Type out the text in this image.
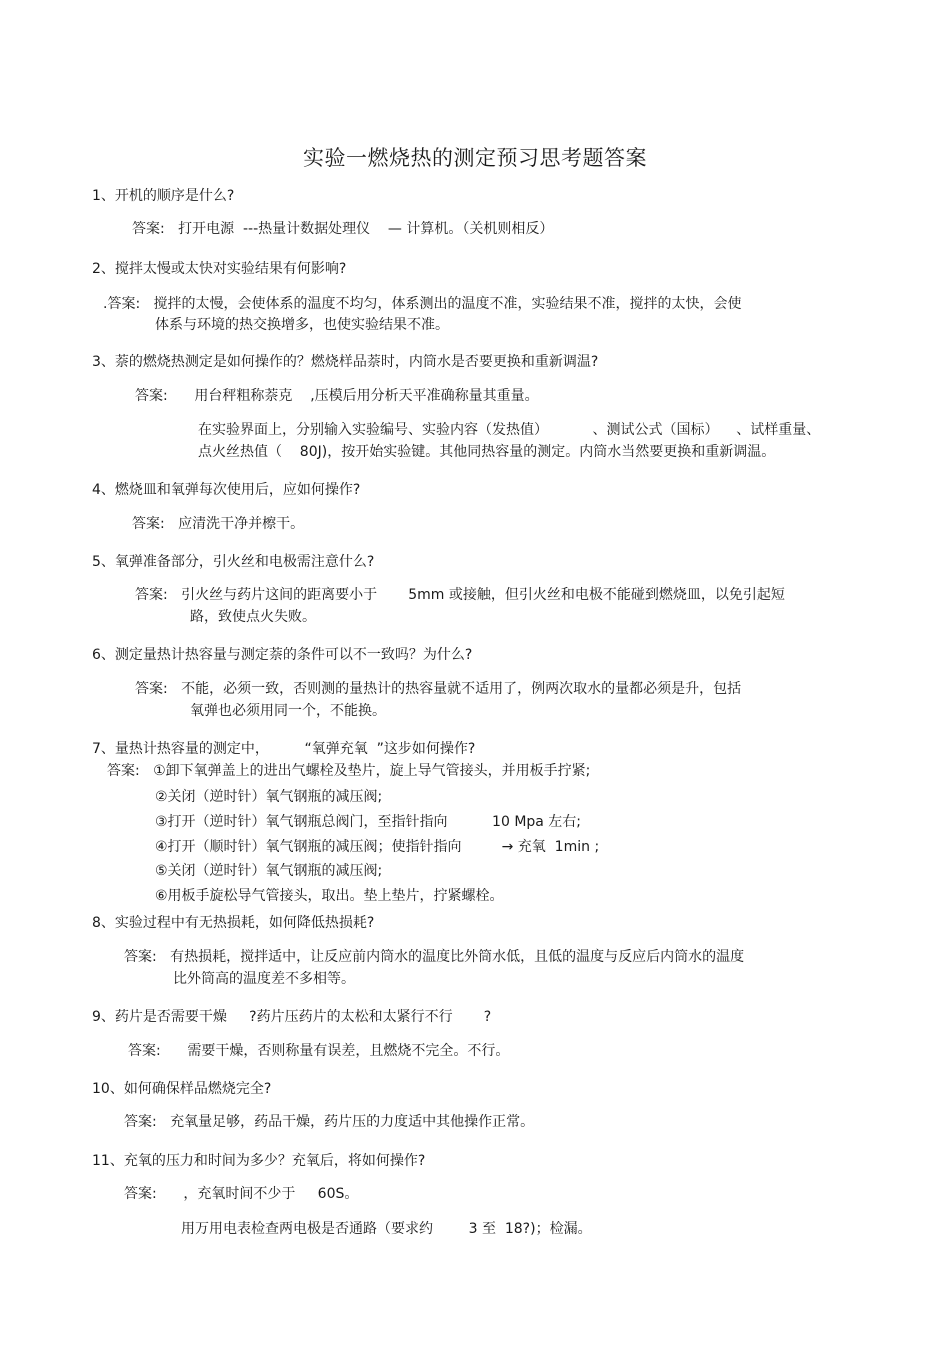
实验一燃烧热的测定预习思考题答案
1、开机的顺序是什么?
答案:   打开电源  ---热量计数据处理仪    — 计算机。（关机则相反）
2、搅拌太慢或太快对实验结果有何影响?
.答案:   搅拌的太慢，会使体系的温度不均匀，体系测出的温度不准，实验结果不准，搅拌的太快，会使
体系与环境的热交换增多，也使实验结果不准。
3、萘的燃烧热测定是如何操作的？燃烧样品萘时，内筒水是否要更换和重新调温?
答案:      用台秤粗称萘克    ,压模后用分析天平准确称量其重量。
在实验界面上，分别输入实验编号、实验内容（发热值）          、测试公式（国标）    、试样重量、
点火丝热值（    80J)，按开始实验键。其他同热容量的测定。内筒水当然要更换和重新调温。
4、燃烧皿和氧弹每次使用后，应如何操作?
答案:   应清洗干净并檫干。
5、氧弹准备部分，引火丝和电极需注意什么?
答案:   引火丝与药片这间的距离要小于       5mm 或接触，但引火丝和电极不能碰到燃烧皿，以免引起短
路，致使点火失败。
6、测定量热计热容量与测定萘的条件可以不一致吗？为什么?
答案:   不能，必须一致，否则测的量热计的热容量就不适用了，例两次取水的量都必须是升，包括
氧弹也必须用同一个，不能换。
7、量热计热容量的测定中，        “氧弹充氧  ”这步如何操作?
答案:   ①卸下氧弹盖上的进出气螺栓及垫片，旋上导气管接头，并用板手拧紧;
②关闭（逆时针）氧气钢瓶的减压阀;
③打开（逆时针）氧气钢瓶总阀门，至指针指向          10 Mpa 左右;
④打开（顺时针）氧气钢瓶的减压阀；使指针指向         → 充氧  1min ;
⑤关闭（逆时针）氧气钢瓶的减压阀;
⑥用板手旋松导气管接头，取出。垫上垫片，拧紧螺栓。
8、实验过程中有无热损耗，如何降低热损耗?
答案:   有热损耗，搅拌适中，让反应前内筒水的温度比外筒水低，且低的温度与反应后内筒水的温度
比外筒高的温度差不多相等。
9、药片是否需要干燥     ?药片压药片的太松和太紧行不行       ?
答案:      需要干燥，否则称量有误差，且燃烧不完全。不行。
10、如何确保样品燃烧完全?
答案:   充氧量足够，药品干燥，药片压的力度适中其他操作正常。
11、充氧的压力和时间为多少？充氧后，将如何操作?
答案:      ，充氧时间不少于     60S。
用万用电表检查两电极是否通路（要求约        3 至  18?)；检漏。
